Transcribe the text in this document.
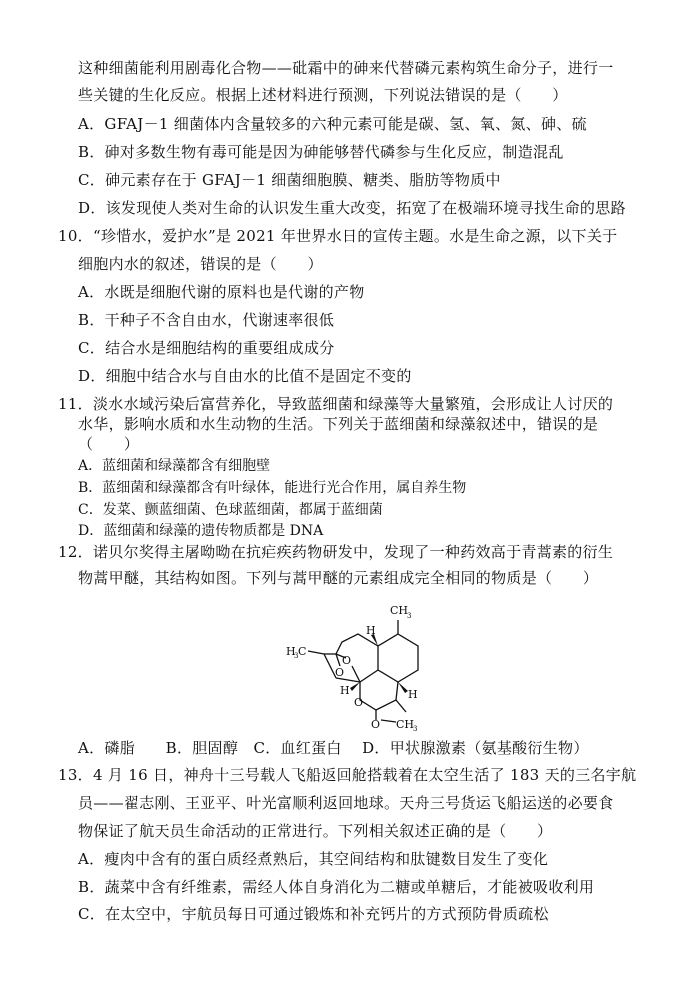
这种细菌能利用剧毒化合物——砒霜中的砷来代替磷元素构筑生命分子，进行一
些关键的生化反应。根据上述材料进行预测，下列说法错误的是（　　）
A．GFAJ－1 细菌体内含量较多的六种元素可能是碳、氢、氧、氮、砷、硫
B．砷对多数生物有毒可能是因为砷能够替代磷参与生化反应，制造混乱
C．砷元素存在于 GFAJ－1 细菌细胞膜、糖类、脂肪等物质中
D．该发现使人类对生命的认识发生重大改变，拓宽了在极端环境寻找生命的思路
10．“珍惜水，爱护水”是 2021 年世界水日的宣传主题。水是生命之源，以下关于
细胞内水的叙述，错误的是（　　）
A．水既是细胞代谢的原料也是代谢的产物
B．干种子不含自由水，代谢速率很低
C．结合水是细胞结构的重要组成成分
D．细胞中结合水与自由水的比值不是固定不变的
11．淡水水域污染后富营养化，导致蓝细菌和绿藻等大量繁殖，会形成让人讨厌的
水华，影响水质和水生动物的生活。下列关于蓝细菌和绿藻叙述中，错误的是
（　　）
A．蓝细菌和绿藻都含有细胞壁
B．蓝细菌和绿藻都含有叶绿体，能进行光合作用，属自养生物
C．发菜、颤蓝细菌、色球蓝细菌，都属于蓝细菌
D．蓝细菌和绿藻的遗传物质都是 DNA
12．诺贝尔奖得主屠呦呦在抗疟疾药物研发中，发现了一种药效高于青蒿素的衍生
物蒿甲醚，其结构如图。下列与蒿甲醚的元素组成完全相同的物质是（　　）
CH
3
H
H
3 C
O
O
H
O
H
O CH
3
A．磷脂　　B．胆固醇　C．血红蛋白　 D．甲状腺激素（氨基酸衍生物）
13．4 月 16 日，神舟十三号载人飞船返回舱搭载着在太空生活了 183 天的三名宇航
员——翟志刚、王亚平、叶光富顺利返回地球。天舟三号货运飞船运送的必要食
物保证了航天员生命活动的正常进行。下列相关叙述正确的是（　　）
A．瘦肉中含有的蛋白质经煮熟后，其空间结构和肽键数目发生了变化
B．蔬菜中含有纤维素，需经人体自身消化为二糖或单糖后，才能被吸收利用
C．在太空中，宇航员每日可通过锻炼和补充钙片的方式预防骨质疏松
